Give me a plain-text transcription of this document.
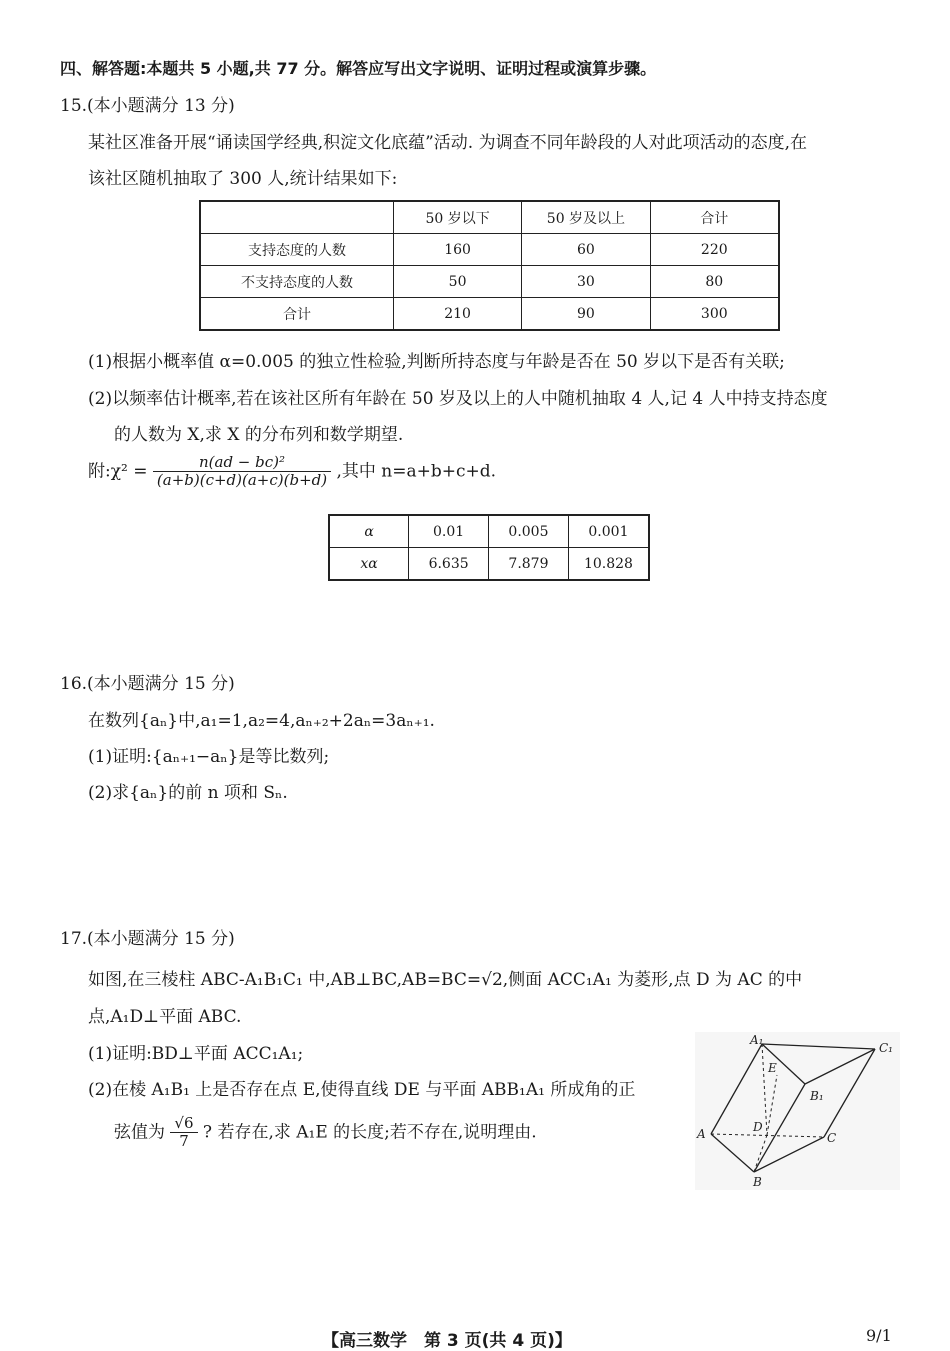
四、解答题:本题共 5 小题,共 77 分。解答应写出文字说明、证明过程或演算步骤。
15.(本小题满分 13 分)
某社区准备开展“诵读国学经典,积淀文化底蕴”活动. 为调查不同年龄段的人对此项活动的态度,在
该社区随机抽取了 300 人,统计结果如下:
	50 岁以下	50 岁及以上	合计
支持态度的人数	160	60	220
不支持态度的人数	50	30	80
合计	210	90	300
(1)根据小概率值 α=0.005 的独立性检验,判断所持态度与年龄是否在 50 岁以下是否有关联;
(2)以频率估计概率,若在该社区所有年龄在 50 岁及以上的人中随机抽取 4 人,记 4 人中持支持态度
的人数为 X,求 X 的分布列和数学期望.
附:χ² = $\frac{\text{n(ad − bc)²}}{(a+b)(c+d)(a+c)(b+d)}$ ,其中 n=a+b+c+d.
α	0.01	0.005	0.001
xα	6.635	7.879	10.828
16.(本小题满分 15 分)
在数列{aₙ}中,a₁=1,a₂=4,aₙ₊₂+2aₙ=3aₙ₊₁.
(1)证明:{aₙ₊₁−aₙ}是等比数列;
(2)求{aₙ}的前 n 项和 Sₙ.
17.(本小题满分 15 分)
如图,在三棱柱 ABC-A₁B₁C₁ 中,AB⊥BC,AB=BC=√2,侧面 ACC₁A₁ 为菱形,点 D 为 AC 的中
点,A₁D⊥平面 ABC.
(1)证明:BD⊥平面 ACC₁A₁;
(2)在棱 A₁B₁ 上是否存在点 E,使得直线 DE 与平面 ABB₁A₁ 所成角的正
弦值为 $\frac{√6}{7}$ ? 若存在,求 A₁E 的长度;若不存在,说明理由.
A₁
C₁
E
B₁
A	D
C
B
【高三数学　第 3 页(共 4 页)】	9/1
